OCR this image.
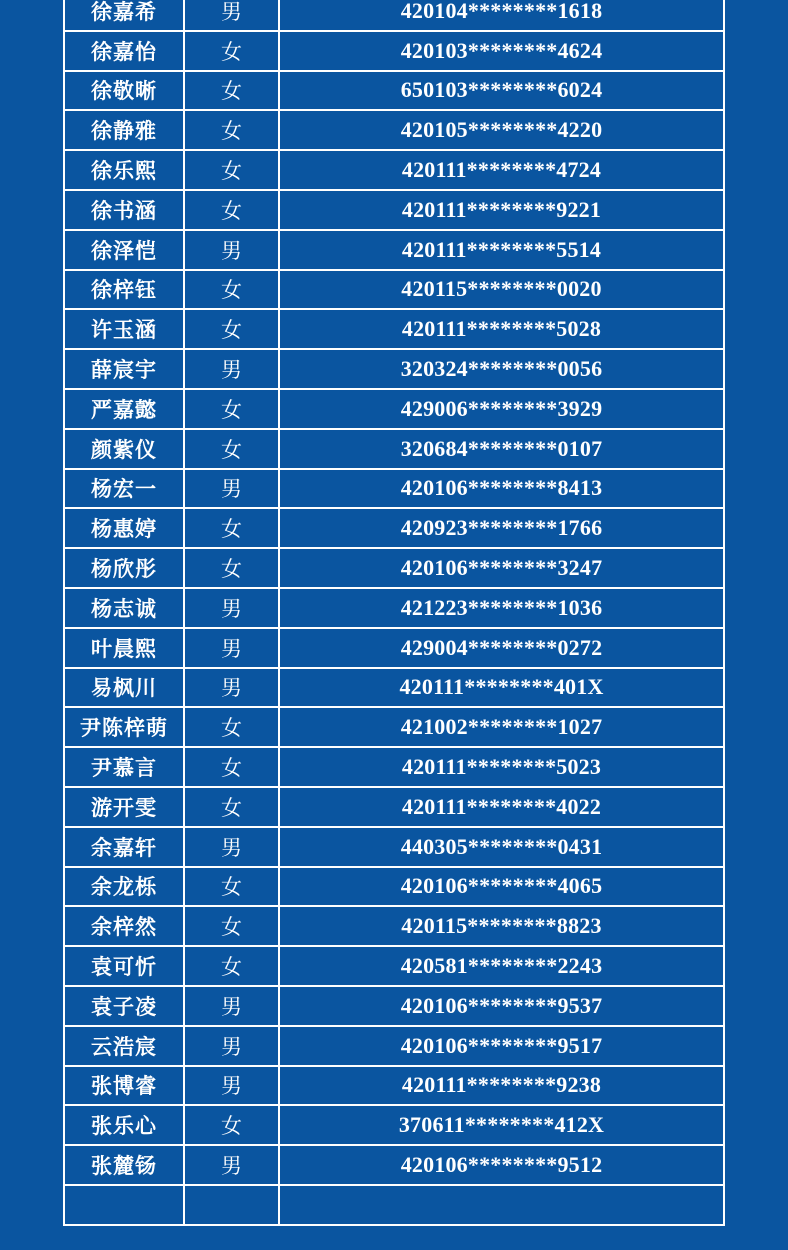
徐嘉希	男	420104********1618
徐嘉怡	女	420103********4624
徐敬晰	女	650103********6024
徐静雅	女	420105********4220
徐乐熙	女	420111********4724
徐书涵	女	420111********9221
徐泽恺	男	420111********5514
徐梓钰	女	420115********0020
许玉涵	女	420111********5028
薛宸宇	男	320324********0056
严嘉懿	女	429006********3929
颜紫仪	女	320684********0107
杨宏一	男	420106********8413
杨惠婷	女	420923********1766
杨欣彤	女	420106********3247
杨志诚	男	421223********1036
叶晨熙	男	429004********0272
易枫川	男	420111********401X
尹陈梓萌	女	421002********1027
尹慕言	女	420111********5023
游开雯	女	420111********4022
余嘉轩	男	440305********0431
余龙栎	女	420106********4065
余梓然	女	420115********8823
袁可忻	女	420581********2243
袁子凌	男	420106********9537
云浩宸	男	420106********9517
张博睿	男	420111********9238
张乐心	女	370611********412X
张麓钖	男	420106********9512
